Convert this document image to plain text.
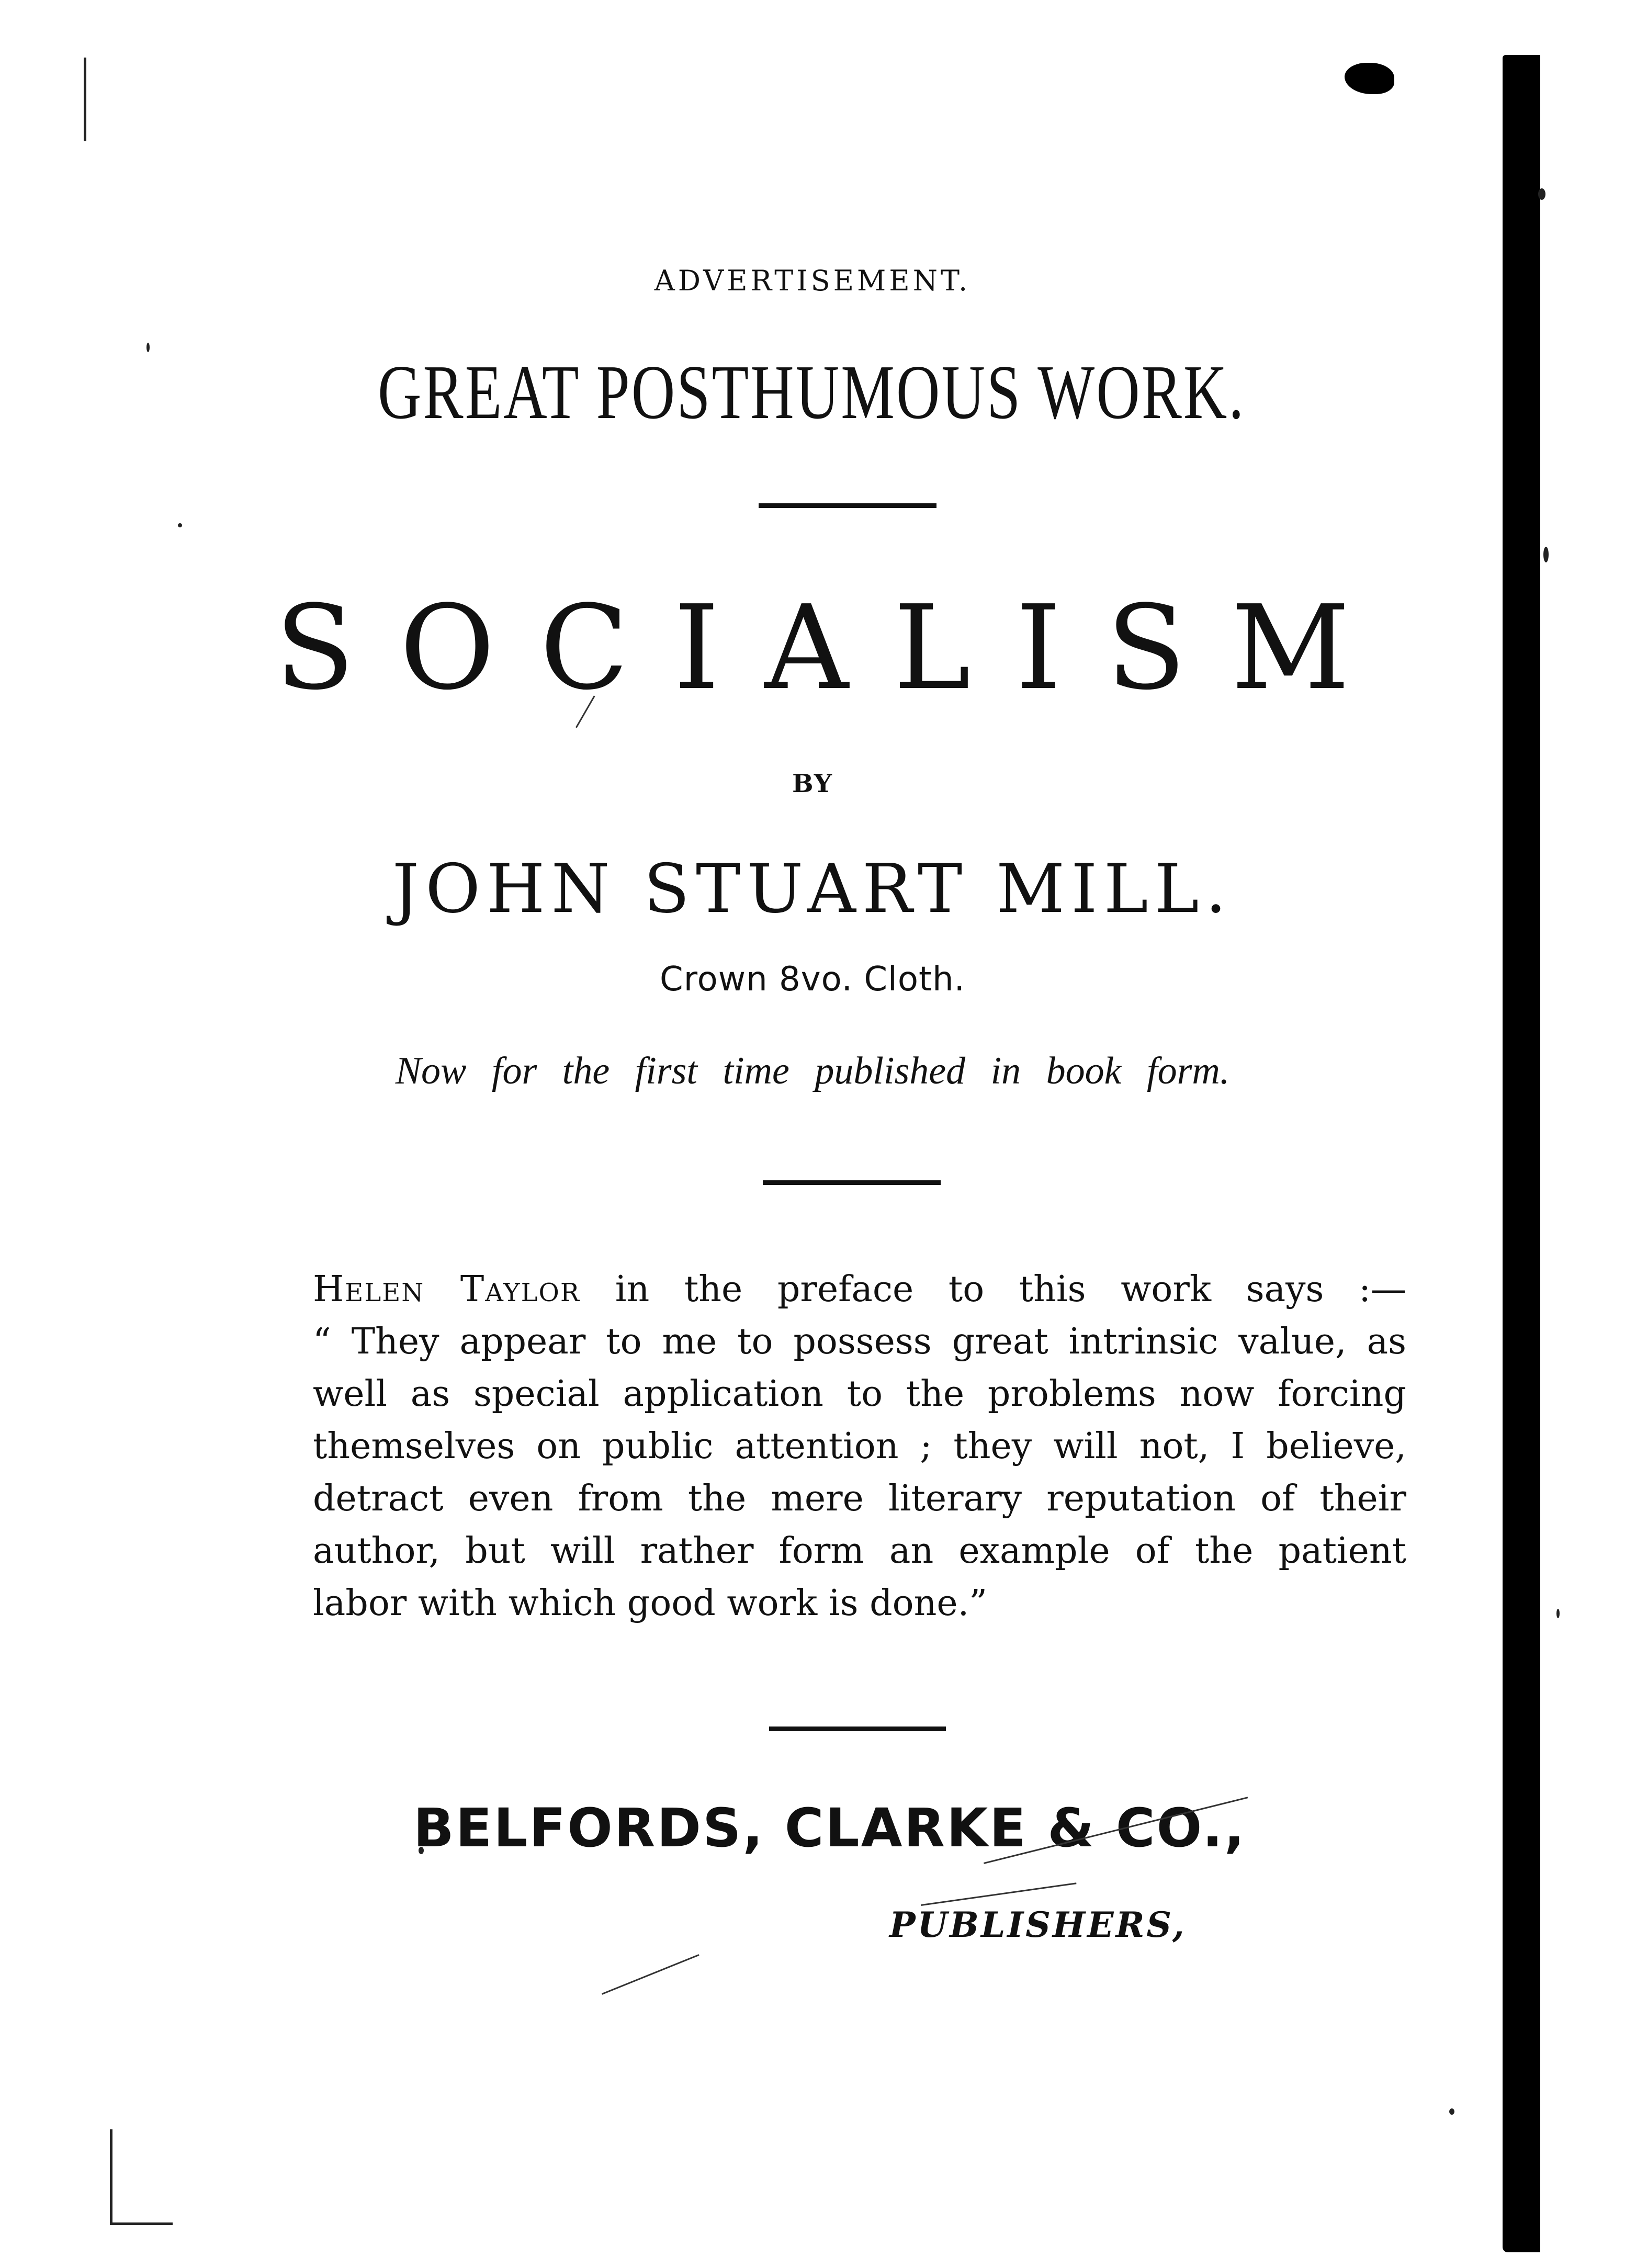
ADVERTISEMENT.
GREAT POSTHUMOUS WORK.
SOCIALISM
BY
JOHN STUART MILL.
Crown 8vo. Cloth.
Now for the first time published in book form.
Helen Taylor in the preface to this work says :—
“ They appear to me to possess great intrinsic value, as
well as special application to the problems now forcing
themselves on public attention ; they will not, I believe,
detract even from the mere literary reputation of their
author, but will rather form an example of the patient
labor with which good work is done.”
BELFORDS, CLARKE & CO.,
PUBLISHERS,
